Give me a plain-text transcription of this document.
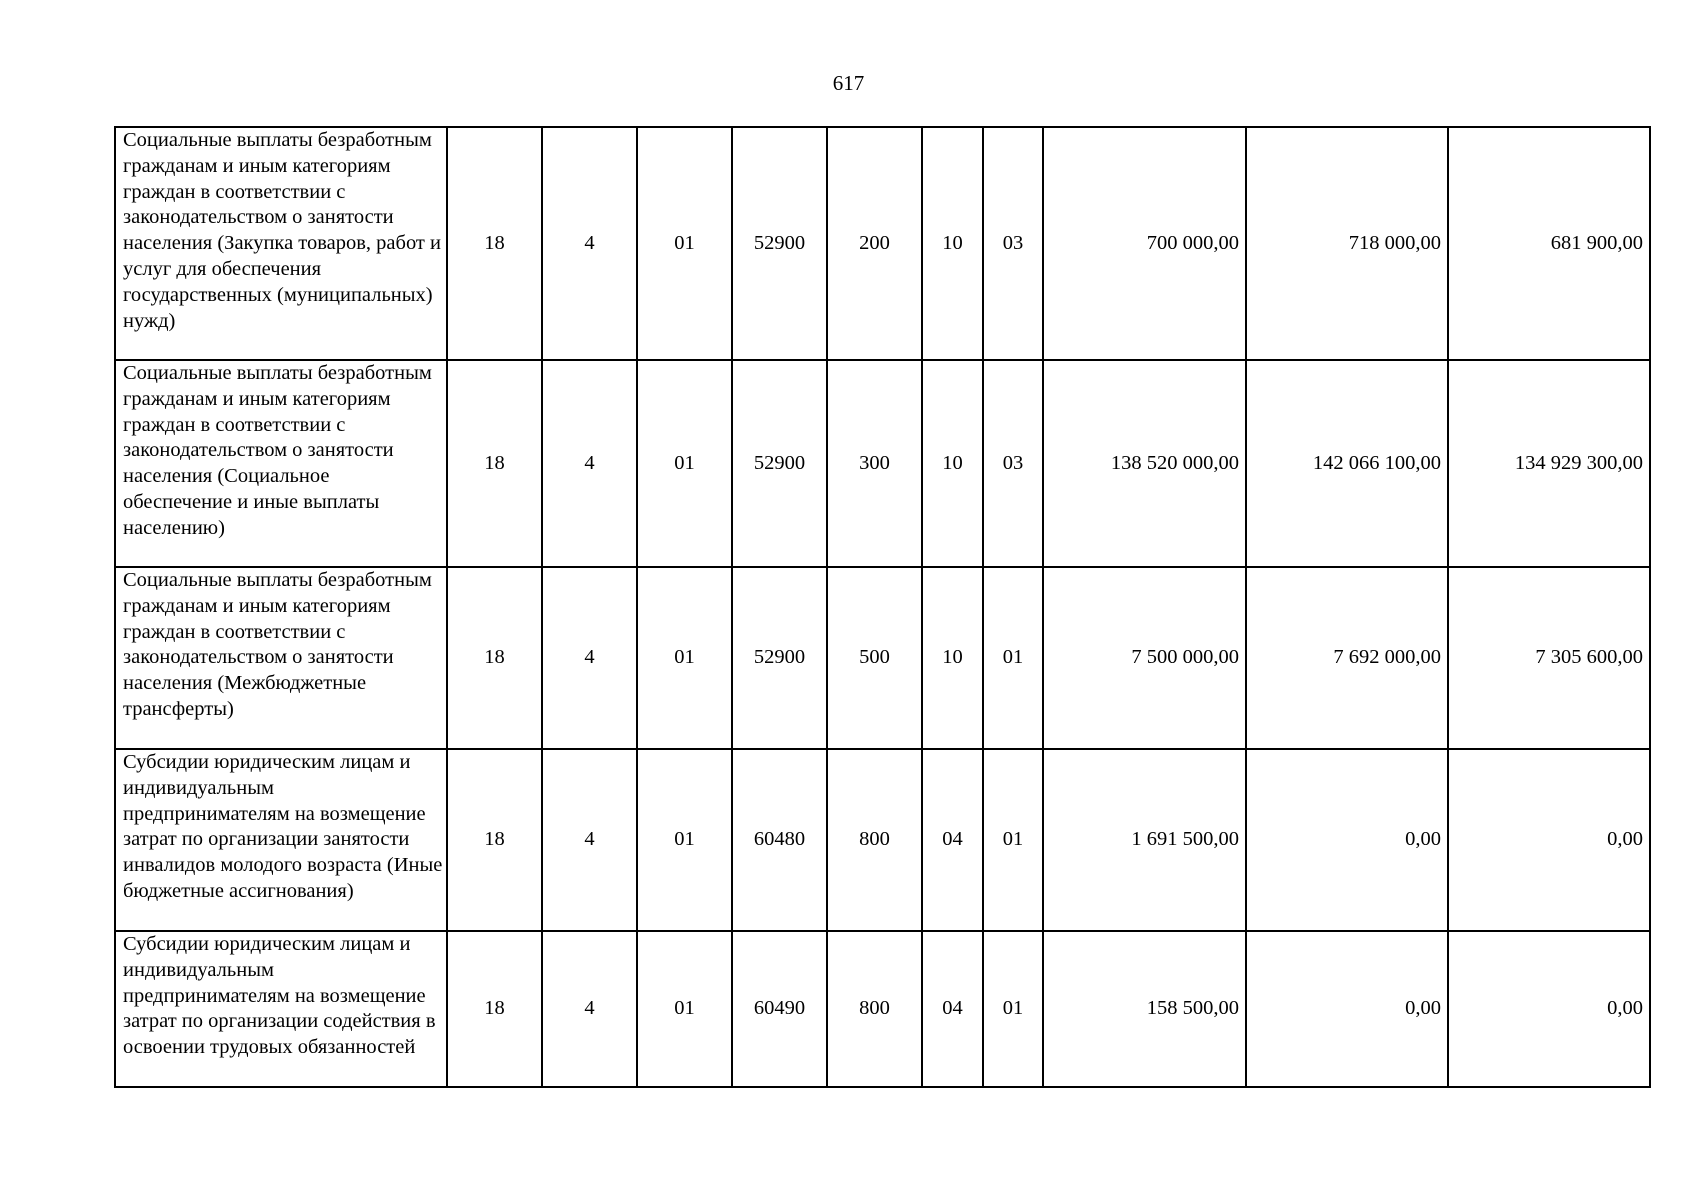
617
Социальные выплаты безработным гражданам и иным категориям граждан в соответствии с законодательством о занятости населения (Закупка товаров, работ и услуг для обеспечения государственных (муниципальных) нужд)	18	4	01	52900	200	10	03	700 000,00	718 000,00	681 900,00
Социальные выплаты безработным гражданам и иным категориям граждан в соответствии с законодательством о занятости населения (Социальное обеспечение и иные выплаты населению)	18	4	01	52900	300	10	03	138 520 000,00	142 066 100,00	134 929 300,00
Социальные выплаты безработным гражданам и иным категориям граждан в соответствии с законодательством о занятости населения (Межбюджетные трансферты)	18	4	01	52900	500	10	01	7 500 000,00	7 692 000,00	7 305 600,00
Субсидии юридическим лицам и индивидуальным предпринимателям на возмещение затрат по организации занятости инвалидов молодого возраста (Иные бюджетные ассигнования)	18	4	01	60480	800	04	01	1 691 500,00	0,00	0,00
Субсидии юридическим лицам и индивидуальным предпринимателям на возмещение затрат по организации содействия в освоении трудовых обязанностей	18	4	01	60490	800	04	01	158 500,00	0,00	0,00
